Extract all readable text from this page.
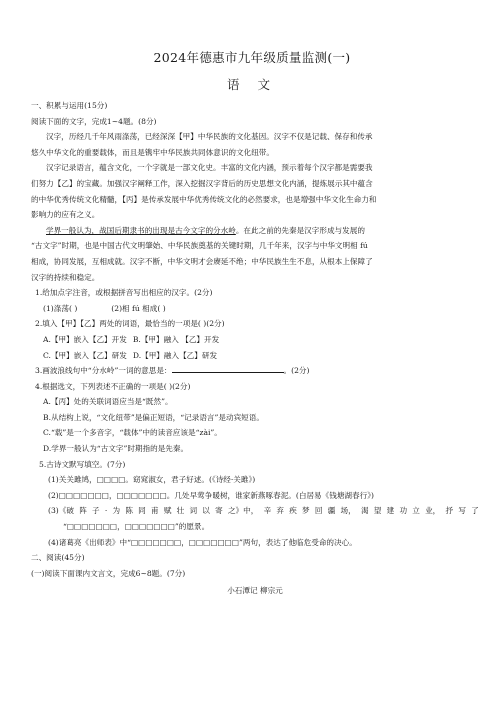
2024年德惠市九年级质量监测(一)
语 文
一、积累与运用(15分)
阅读下面的文字，完成1~4题。(8分)
汉字，历经几千年风雨涤荡，已经深深【甲】中华民族的文化基因。汉字不仅是记载、保存和传承
悠久中华文化的重要载体，而且是镌牢中华民族共同体意识的文化纽带。
汉字记录语言，蕴含文化，一个字就是一部文化史。丰富的文化内涵，预示着每个汉字都是需要我
们努力【乙】的宝藏。加强汉字阐释工作，深入挖掘汉字背后的历史思想文化内涵，提炼展示其中蕴含
的中华优秀传统文化精髓，【丙】是传承发展中华优秀传统文化的必然要求，也是增强中华文化生命力和
影响力的应有之义。
学界一般认为，战国后期隶书的出现是古今文字的分水岭。在此之前的先秦是汉字形成与发展的
“古文字”时期，也是中国古代文明肇始、中华民族奠基的关键时期，几千年来，汉字与中华文明相 fú
相成，协同发展，互相成就。汉字不断，中华文明才会赓延不绝；中华民族生生不息，从根本上保障了
汉字的持续和稳定。
1.给加点字注音，或根据拼音写出相应的汉字。(2分)
(1)涤荡( )	(2)相 fú 相成( )
2.填入【甲】【乙】两处的词语，最恰当的一项是( )(2分)
A.【甲】嵌入【乙】开发 B.【甲】融入 【乙】开发
C.【甲】嵌入【乙】研发 D.【甲】融入【乙】研发
3.画波浪线句中“分水岭”一词的意思是：	。(2分)
4.根据选文，下列表述不正确的一项是( )(2分)
A.【丙】处的关联词语应当是“既然”。
B.从结构上说，“文化纽带”是偏正短语，“记录语言”是动宾短语。
C.“载”是一个多音字，“载体”中的读音应该是“zài”。
D.学界一般认为“古文字”时期指的是先秦。
5.古诗文默写填空。(7分)
(1)关关雎鸠，□□□□。窈窕淑女，君子好逑。(《诗经·关雎》)
(2)□□□□□□□，□□□□□□□。几处早莺争暖树，谁家新燕啄春泥。(白居易《钱塘湖春行》)
(3)《破 阵 子 · 为 陈 同 甫 赋 壮 词 以 寄 之》中， 辛 弃 疾 梦 回 疆 场， 渴 望 建 功 立 业， 抒 写 了
“□□□□□□□，□□□□□□□”的愿景。
(4)诸葛亮《出师表》中“□□□□□□□，□□□□□□□”两句，表达了他临危受命的决心。
二、阅读(45分)
(一)阅读下面课内文言文，完成6~8题。(7分)
小石潭记 柳宗元
